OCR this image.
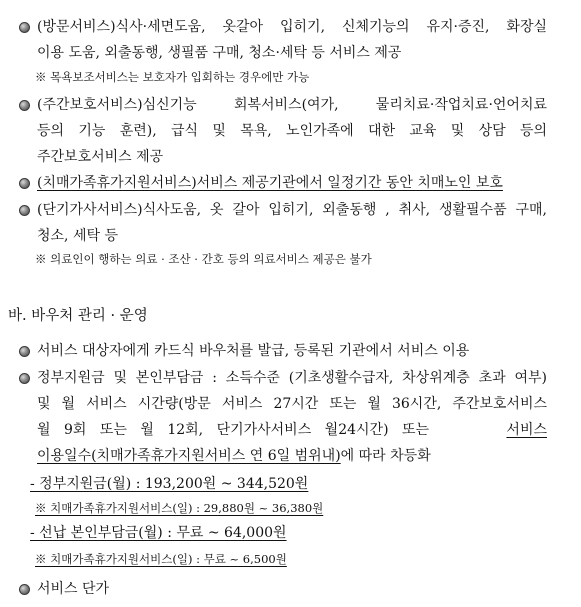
(방문서비스)식사·세면도움, 옷갈아 입히기, 신체기능의 유지·증진, 화장실
이용 도움, 외출동행, 생필품 구매, 청소·세탁 등 서비스 제공
※ 목욕보조서비스는 보호자가 입회하는 경우에만 가능
(주간보호서비스)심신기능 회복서비스(여가, 물리치료·작업치료·언어치료
등의 기능 훈련), 급식 및 목욕, 노인가족에 대한 교육 및 상담 등의
주간보호서비스 제공
(치매가족휴가지원서비스)서비스 제공기관에서 일정기간 동안 치매노인 보호
(단기가사서비스)식사도움, 옷 갈아 입히기, 외출동행 , 취사, 생활필수품 구매,
청소, 세탁 등
※ 의료인이 행하는 의료 · 조산 · 간호 등의 의료서비스 제공은 불가
바. 바우처 관리 · 운영
서비스 대상자에게 카드식 바우처를 발급, 등록된 기관에서 서비스 이용
정부지원금 및 본인부담금 : 소득수준 (기초생활수급자, 차상위계층 초과 여부)
및 월 서비스 시간량(방문 서비스 27시간 또는 월 36시간, 주간보호서비스
월 9회 또는 월 12회, 단기가사서비스 월24시간) 또는	서비스
이용일수(치매가족휴가지원서비스 연 6일 범위내)에 따라 차등화
- 정부지원금(월) : 193,200원 ~ 344,520원
※ 치매가족휴가지원서비스(일) : 29,880원 ~ 36,380원
- 선납 본인부담금(월) : 무료 ~ 64,000원
※ 치매가족휴가지원서비스(일) : 무료 ~ 6,500원
서비스 단가
